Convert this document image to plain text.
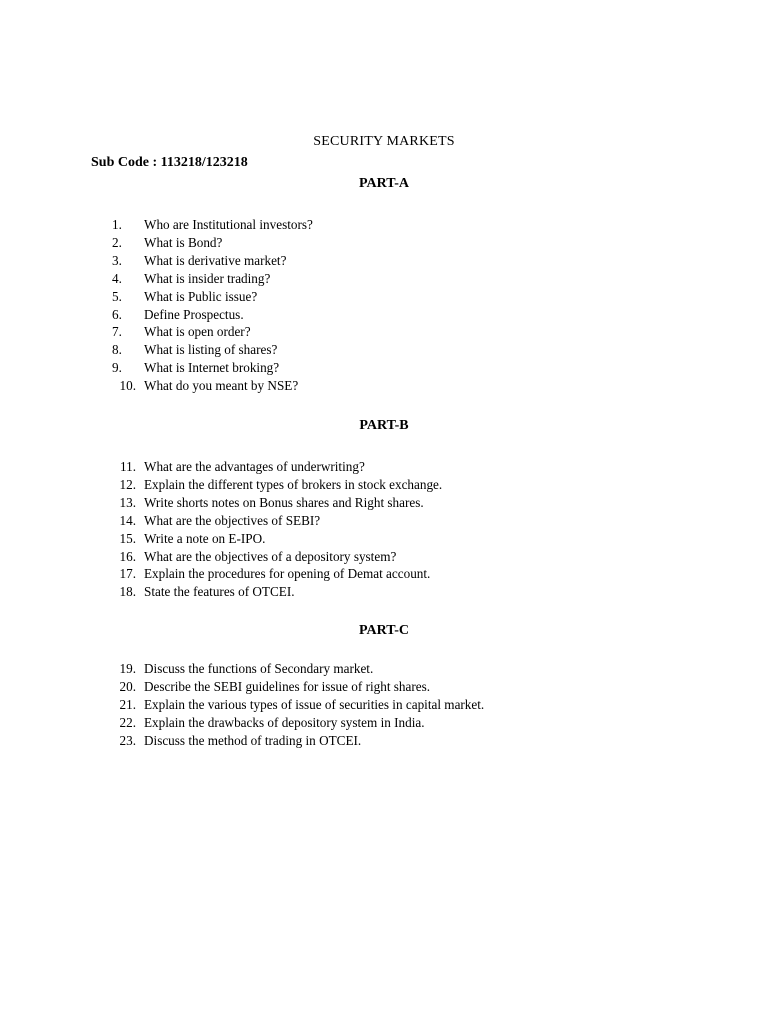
SECURITY MARKETS
Sub Code : 113218/123218
PART-A
1.	Who are Institutional investors?
2.	What is Bond?
3.	What is derivative market?
4.	What is insider trading?
5.	What is Public issue?
6.	Define Prospectus.
7.	What is open order?
8.	What is listing of shares?
9.	What is Internet broking?
10. What do you meant by NSE?
PART-B
11. What are the advantages of underwriting?
12. Explain the different types of brokers in stock exchange.
13. Write shorts notes on Bonus shares and Right shares.
14. What are the objectives of SEBI?
15. Write a note on E-IPO.
16. What are the objectives of a depository system?
17. Explain the procedures for opening of Demat account.
18. State the features of OTCEI.
PART-C
19. Discuss the functions of Secondary market.
20. Describe the SEBI guidelines for issue of right shares.
21. Explain the various types of issue of securities in capital market.
22. Explain the drawbacks of depository system in India.
23. Discuss the method of trading in OTCEI.
